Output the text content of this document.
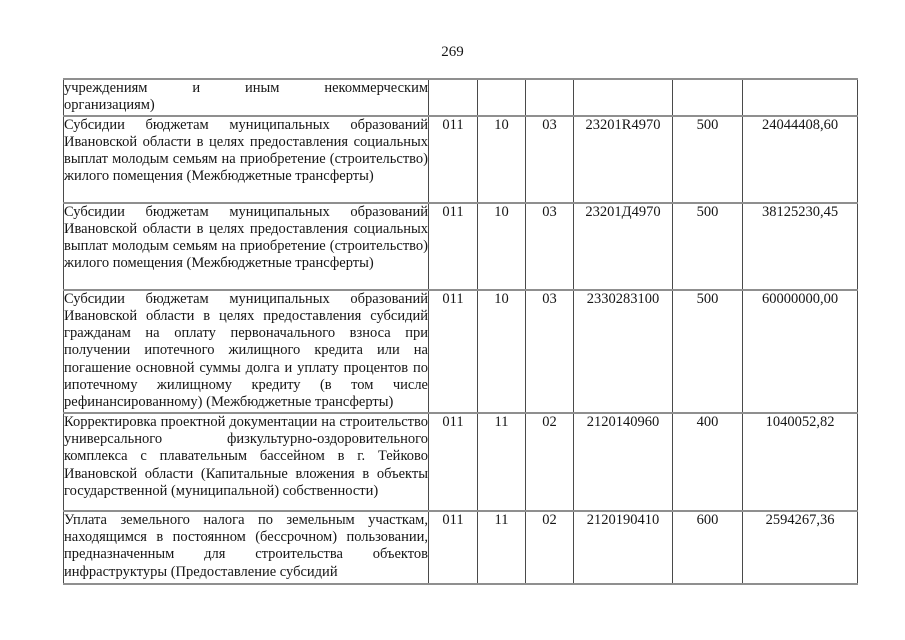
269
учреждениям и иным некоммерческим
организациям)						

Субсидии бюджетам муниципальных образований Ивановской области в целях предоставления социальных выплат молодым семьям на приобретение (строительство) жилого помещения (Межбюджетные трансферты)	011	10	03	23201R4970	500	24044408,60
Субсидии бюджетам муниципальных образований Ивановской области в целях предоставления социальных выплат молодым семьям на приобретение (строительство) жилого помещения (Межбюджетные трансферты)	011	10	03	23201Д4970	500	38125230,45
Субсидии бюджетам муниципальных образований Ивановской области в целях предоставления субсидий гражданам на оплату первоначального взноса при получении ипотечного жилищного кредита или на погашение основной суммы долга и уплату процентов по ипотечному жилищному кредиту (в том числе рефинансированному) (Межбюджетные трансферты)	011	10	03	2330283100	500	60000000,00
Корректировка проектной документации на строительство универсального физкультурно-оздоровительного комплекса с плавательным бассейном в г. Тейково Ивановской области (Капитальные вложения в объекты государственной (муниципальной) собственности)	011	11	02	2120140960	400	1040052,82
Уплата земельного налога по земельным участкам, находящимся в постоянном (бессрочном) пользовании, предназначенным для строительства объектов инфраструктуры (Предоставление субсидий	011	11	02	2120190410	600	2594267,36
